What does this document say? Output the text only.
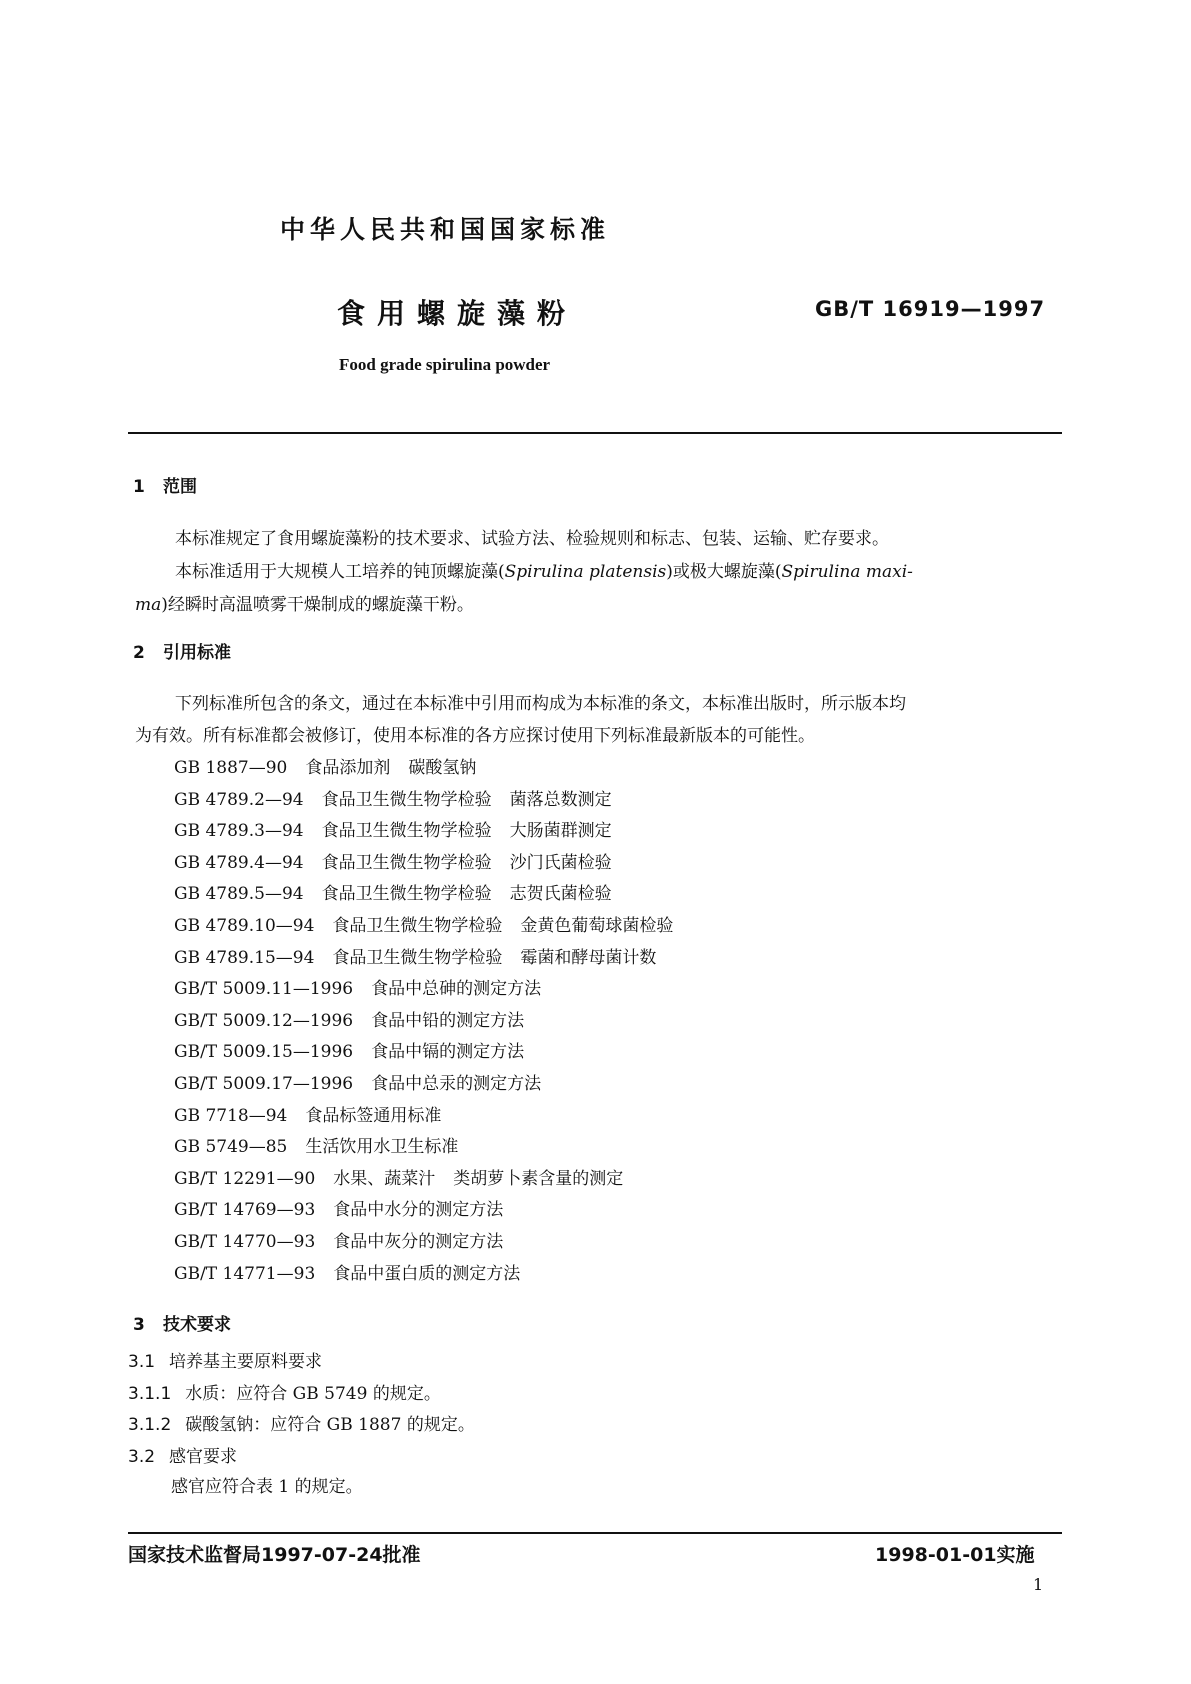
中华人民共和国国家标准
食用螺旋藻粉	GB/T 16919—1997
Food grade spirulina powder
1 范围
本标准规定了食用螺旋藻粉的技术要求、试验方法、检验规则和标志、包装、运输、贮存要求。
本标准适用于大规模人工培养的钝顶螺旋藻(Spirulina platensis)或极大螺旋藻(Spirulina maxi-
ma)经瞬时高温喷雾干燥制成的螺旋藻干粉。
2 引用标准
下列标准所包含的条文，通过在本标准中引用而构成为本标准的条文，本标准出版时，所示版本均
为有效。所有标准都会被修订，使用本标准的各方应探讨使用下列标准最新版本的可能性。
GB 1887—90 食品添加剂 碳酸氢钠
GB 4789.2—94 食品卫生微生物学检验 菌落总数测定
GB 4789.3—94 食品卫生微生物学检验 大肠菌群测定
GB 4789.4—94 食品卫生微生物学检验 沙门氏菌检验
GB 4789.5—94 食品卫生微生物学检验 志贺氏菌检验
GB 4789.10—94 食品卫生微生物学检验 金黄色葡萄球菌检验
GB 4789.15—94 食品卫生微生物学检验 霉菌和酵母菌计数
GB/T 5009.11—1996 食品中总砷的测定方法
GB/T 5009.12—1996 食品中铅的测定方法
GB/T 5009.15—1996 食品中镉的测定方法
GB/T 5009.17—1996 食品中总汞的测定方法
GB 7718—94 食品标签通用标准
GB 5749—85 生活饮用水卫生标准
GB/T 12291—90 水果、蔬菜汁 类胡萝卜素含量的测定
GB/T 14769—93 食品中水分的测定方法
GB/T 14770—93 食品中灰分的测定方法
GB/T 14771—93 食品中蛋白质的测定方法
3 技术要求
3.1 培养基主要原料要求
3.1.1 水质：应符合 GB 5749 的规定。
3.1.2 碳酸氢钠：应符合 GB 1887 的规定。
3.2 感官要求
感官应符合表 1 的规定。
国家技术监督局1997-07-24批准	1998-01-01实施
1
